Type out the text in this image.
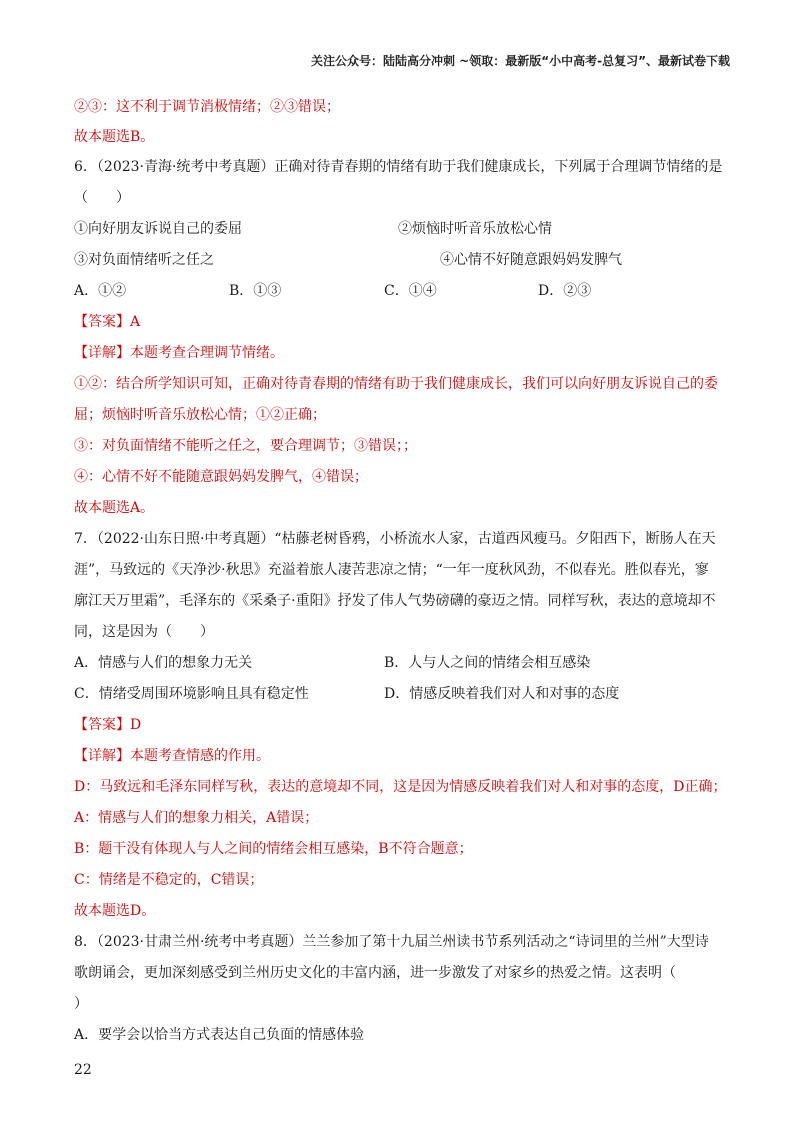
关注公众号：陆陆高分冲刺 ~领取：最新版“小中高考-总复习”、最新试卷下载
②③：这不利于调节消极情绪；②③错误；
故本题选B。
6．（2023·青海·统考中考真题）正确对待青春期的情绪有助于我们健康成长，下列属于合理调节情绪的是
（　　）
①向好朋友诉说自己的委屈	②烦恼时听音乐放松心情
③对负面情绪听之任之	④心情不好随意跟妈妈发脾气
A．①②	B．①③	C．①④	D．②③
【答案】A
【详解】本题考查合理调节情绪。
①②：结合所学知识可知，正确对待青春期的情绪有助于我们健康成长，我们可以向好朋友诉说自己的委
屈；烦恼时听音乐放松心情；①②正确；
③：对负面情绪不能听之任之，要合理调节；③错误；；
④：心情不好不能随意跟妈妈发脾气，④错误；
故本题选A。
7．（2022·山东日照·中考真题）“枯藤老树昏鸦，小桥流水人家，古道西风瘦马。夕阳西下，断肠人在天
涯”，马致远的《天净沙·秋思》充溢着旅人凄苦悲凉之情；“一年一度秋风劲，不似春光。胜似春光，寥
廓江天万里霜”，毛泽东的《采桑子·重阳》抒发了伟人气势磅礴的豪迈之情。同样写秋，表达的意境却不
同，这是因为（　　）
A．情感与人们的想象力无关	B．人与人之间的情绪会相互感染
C．情绪受周围环境影响且具有稳定性	D．情感反映着我们对人和对事的态度
【答案】D
【详解】本题考查情感的作用。
D：马致远和毛泽东同样写秋，表达的意境却不同，这是因为情感反映着我们对人和对事的态度，D正确；
A：情感与人们的想象力相关，A错误；
B：题干没有体现人与人之间的情绪会相互感染，B不符合题意；
C：情绪是不稳定的，C错误；
故本题选D。
8．（2023·甘肃兰州·统考中考真题）兰兰参加了第十九届兰州读书节系列活动之“诗词里的兰州”大型诗
歌朗诵会，更加深刻感受到兰州历史文化的丰富内涵，进一步激发了对家乡的热爱之情。这表明（
）
A．要学会以恰当方式表达自己负面的情感体验
22
